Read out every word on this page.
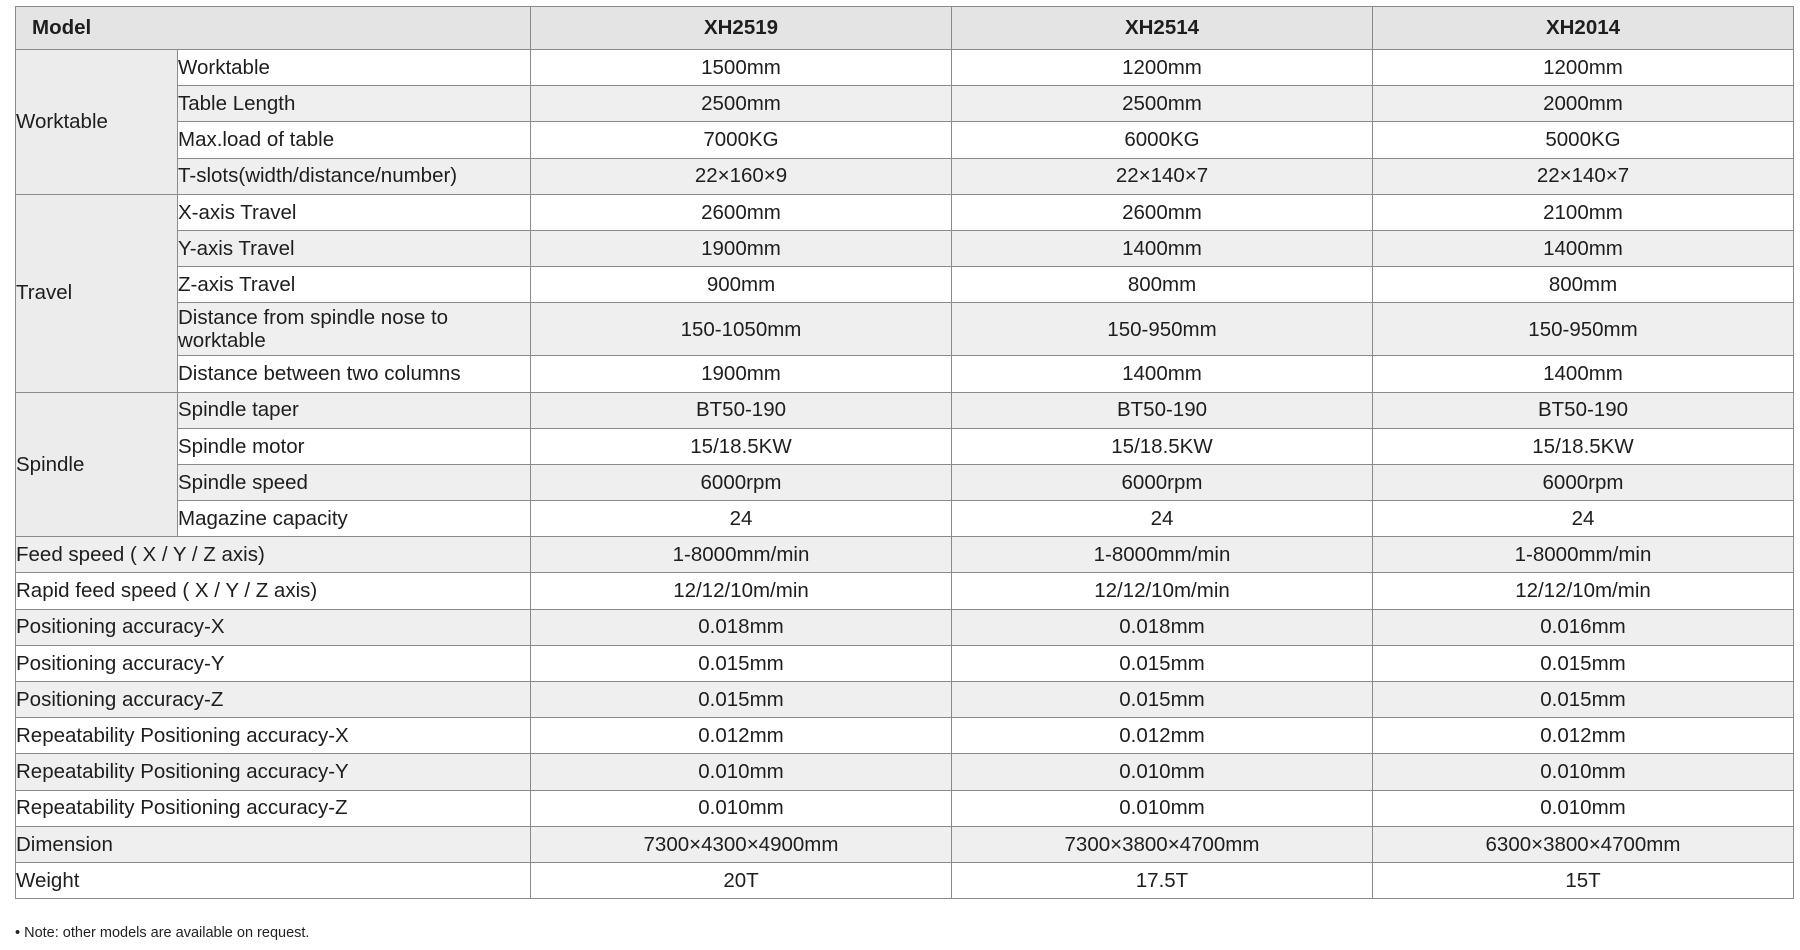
Model		XH2519	XH2514	XH2014
Worktable	Worktable	1500mm	1200mm	1200mm
	Table Length	2500mm	2500mm	2000mm
	Max.load of table	7000KG	6000KG	5000KG
	T-slots(width/distance/number)	22×160×9	22×140×7	22×140×7
Travel	X-axis Travel	2600mm	2600mm	2100mm
	Y-axis Travel	1900mm	1400mm	1400mm
	Z-axis Travel	900mm	800mm	800mm
	Distance from spindle nose to worktable	150-1050mm	150-950mm	150-950mm
	Distance between two columns	1900mm	1400mm	1400mm
Spindle	Spindle taper	BT50-190	BT50-190	BT50-190
	Spindle motor	15/18.5KW	15/18.5KW	15/18.5KW
	Spindle speed	6000rpm	6000rpm	6000rpm
	Magazine capacity	24	24	24
Feed speed ( X / Y / Z axis)		1-8000mm/min	1-8000mm/min	1-8000mm/min
Rapid feed speed ( X / Y / Z axis)		12/12/10m/min	12/12/10m/min	12/12/10m/min
Positioning accuracy-X		0.018mm	0.018mm	0.016mm
Positioning accuracy-Y		0.015mm	0.015mm	0.015mm
Positioning accuracy-Z		0.015mm	0.015mm	0.015mm
Repeatability Positioning accuracy-X		0.012mm	0.012mm	0.012mm
Repeatability Positioning accuracy-Y		0.010mm	0.010mm	0.010mm
Repeatability Positioning accuracy-Z		0.010mm	0.010mm	0.010mm
Dimension		7300×4300×4900mm	7300×3800×4700mm	6300×3800×4700mm
Weight		20T	17.5T	15T
• Note: other models are available on request.
